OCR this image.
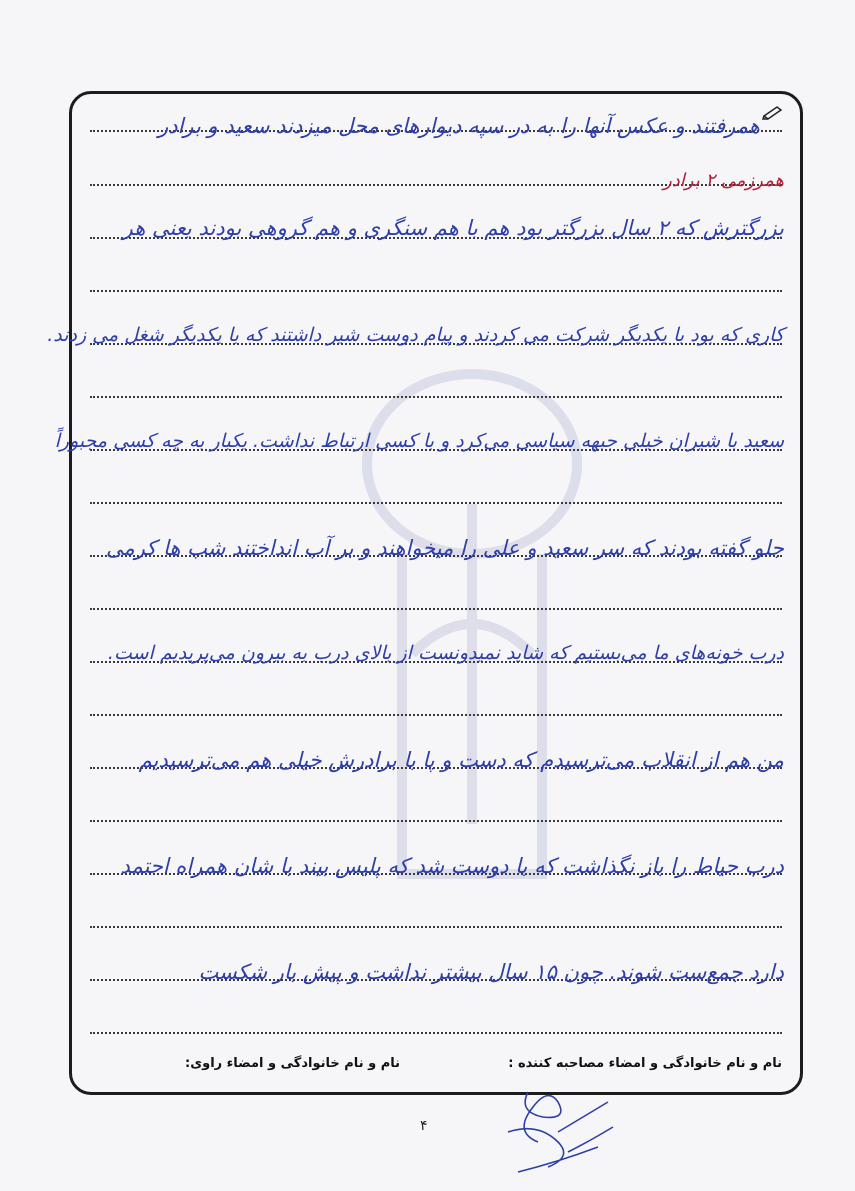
همرفتند و عکس آنها را به در سپه دیوارهای محل میزدند سعید و برادر
همرزمی ۲ برادر
بزرگترش که ۲ سال بزرگتر بود هم با هم سنگری و هم گروهی بودند یعنی هر
کاری که بود با یکدیگر شرکت می کردند و پیام دوست شیر داشتند که با یکدیگر شغل می زدند.
سعید با شیران خیلی جبهه سیاسی می‌کرد و با کسی ارتباط نداشت. یکبار به چه کسی مجبوراً
جلو گفته بودند که سر سعید و علی را میخواهند و بر آب انداختند شب ها کرمی
درب خونه‌های ما می‌بستیم که شاید نمیدونست از بالای درب به بیرون می‌پریدیم است.
من هم از انقلاب می‌ترسیدم که دست و پا با برادرش خیلی هم می‌ترسیدیم
درب حیاط را باز نگذاشت که با دوست شد که پلیس بیند با شان همراه احتمد
دارد جمع‌ست شوند. چون ۱۵ سال بیشتر نداشت و پیش بار شکست
نام و نام خانوادگی و امضاء مصاحبه کننده :
نام و نام خانوادگی و امضاء راوی:
۴
